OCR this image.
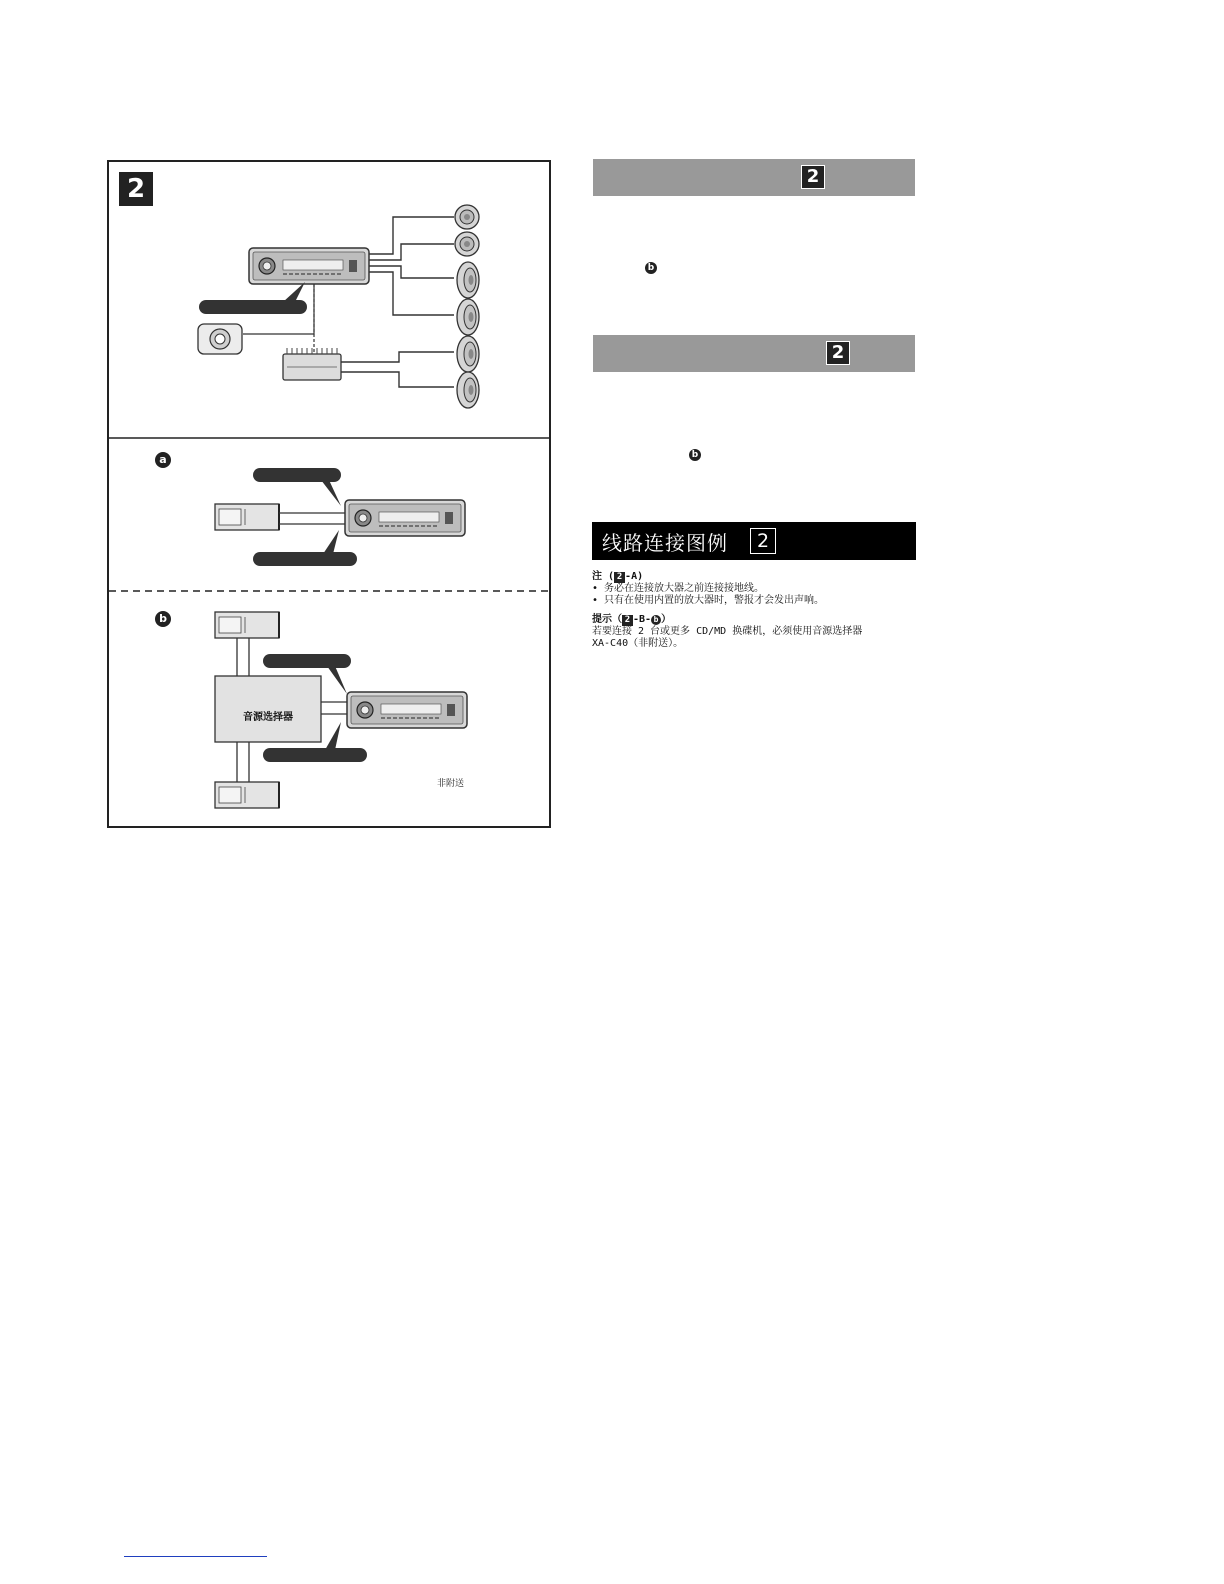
2
a
b
音源选择器
非附送
2
b
2
b
线路连接图例	2

注 ( 2 -A)

• 务必在连接放大器之前连接接地线。

• 只有在使用内置的放大器时，警报才会发出声响。

提示（ 2 -B- b ）

若要连接 2 台或更多 CD/MD 换碟机，必须使用音源选择器

XA-C40（非附送）。
